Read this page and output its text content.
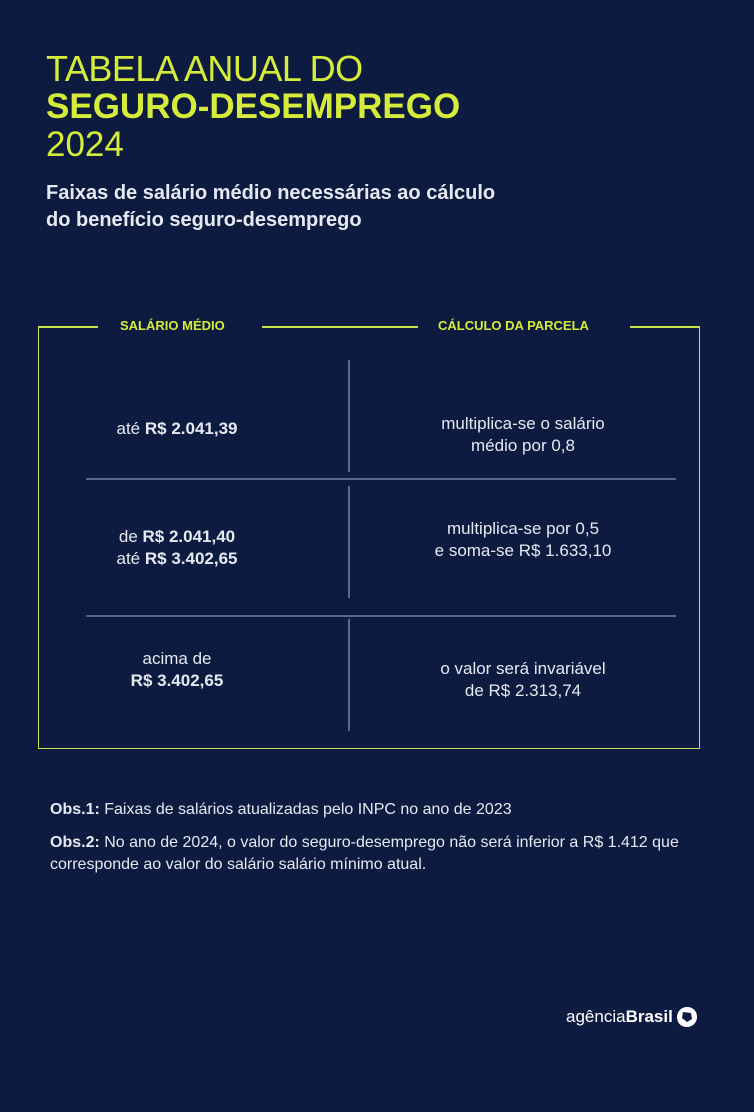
TABELA ANUAL DO
SEGURO-DESEMPREGO
2024
Faixas de salário médio necessárias ao cálculo
do benefício seguro-desemprego
SALÁRIO MÉDIO	CÁLCULO DA PARCELA
até R$ 2.041,39	multiplica-se o salário
médio por 0,8
de R$ 2.041,40
até R$ 3.402,65
multiplica-se por 0,5
e soma-se R$ 1.633,10
acima de
R$ 3.402,65
o valor será invariável
de R$ 2.313,74
Obs.1: Faixas de salários atualizadas pelo INPC no ano de 2023
Obs.2: No ano de 2024, o valor do seguro-desemprego não será inferior a R$ 1.412 que corresponde ao valor do salário salário mínimo atual.
agência Brasil
